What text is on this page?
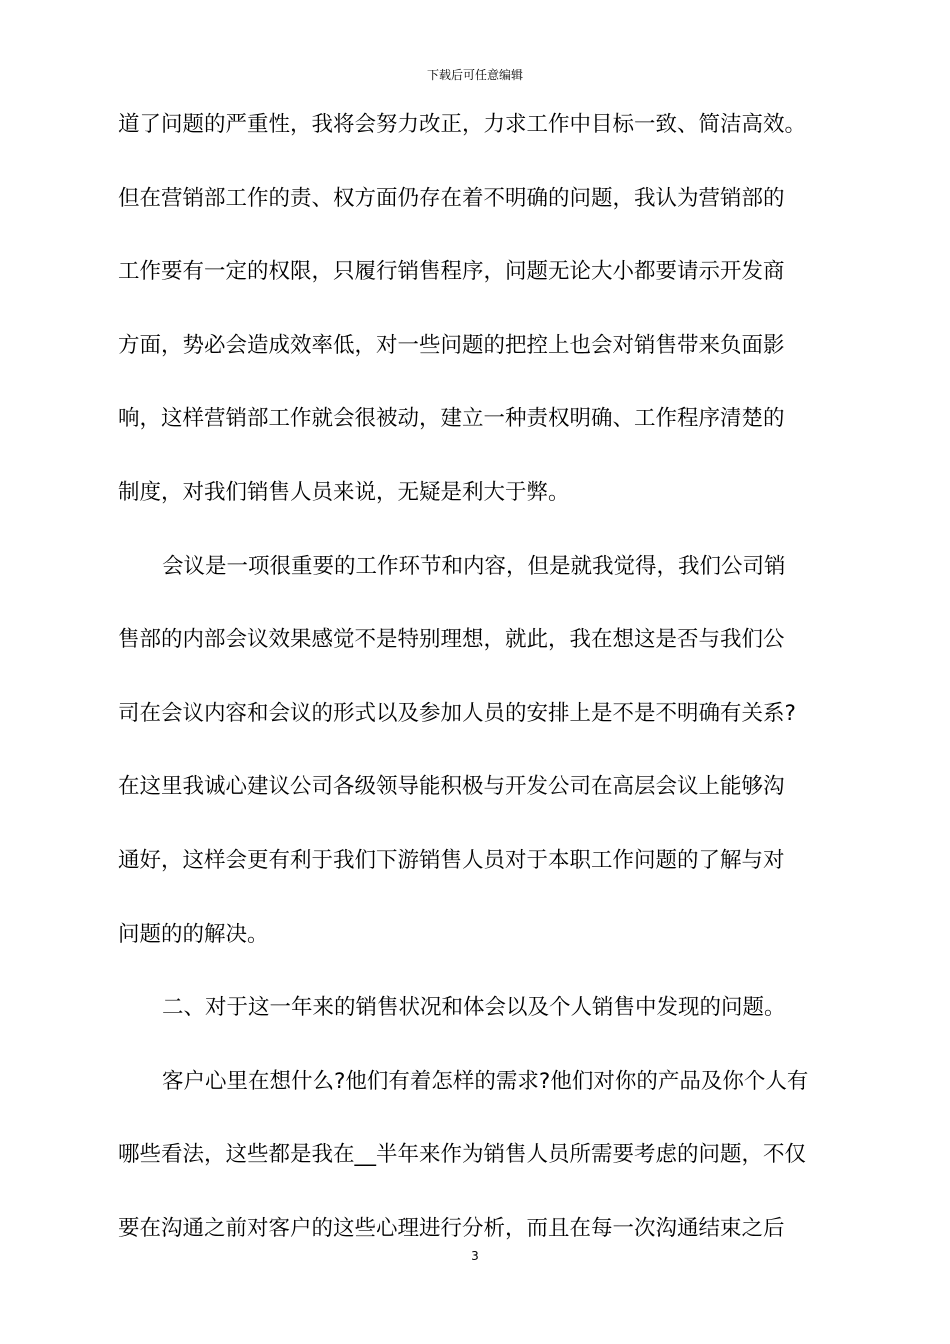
下载后可任意编辑
道了问题的严重性，我将会努力改正，力求工作中目标一致、简洁高效。
但在营销部工作的责、权方面仍存在着不明确的问题，我认为营销部的
工作要有一定的权限，只履行销售程序，问题无论大小都要请示开发商
方面，势必会造成效率低，对一些问题的把控上也会对销售带来负面影
响，这样营销部工作就会很被动，建立一种责权明确、工作程序清楚的
制度，对我们销售人员来说，无疑是利大于弊。
会议是一项很重要的工作环节和内容，但是就我觉得，我们公司销
售部的内部会议效果感觉不是特别理想，就此，我在想这是否与我们公
司在会议内容和会议的形式以及参加人员的安排上是不是不明确有关系?
在这里我诚心建议公司各级领导能积极与开发公司在高层会议上能够沟
通好，这样会更有利于我们下游销售人员对于本职工作问题的了解与对
问题的的解决。
二、对于这一年来的销售状况和体会以及个人销售中发现的问题。
客户心里在想什么?他们有着怎样的需求?他们对你的产品及你个人有
哪些看法，这些都是我在__半年来作为销售人员所需要考虑的问题，不仅
要在沟通之前对客户的这些心理进行分析，而且在每一次沟通结束之后
3
